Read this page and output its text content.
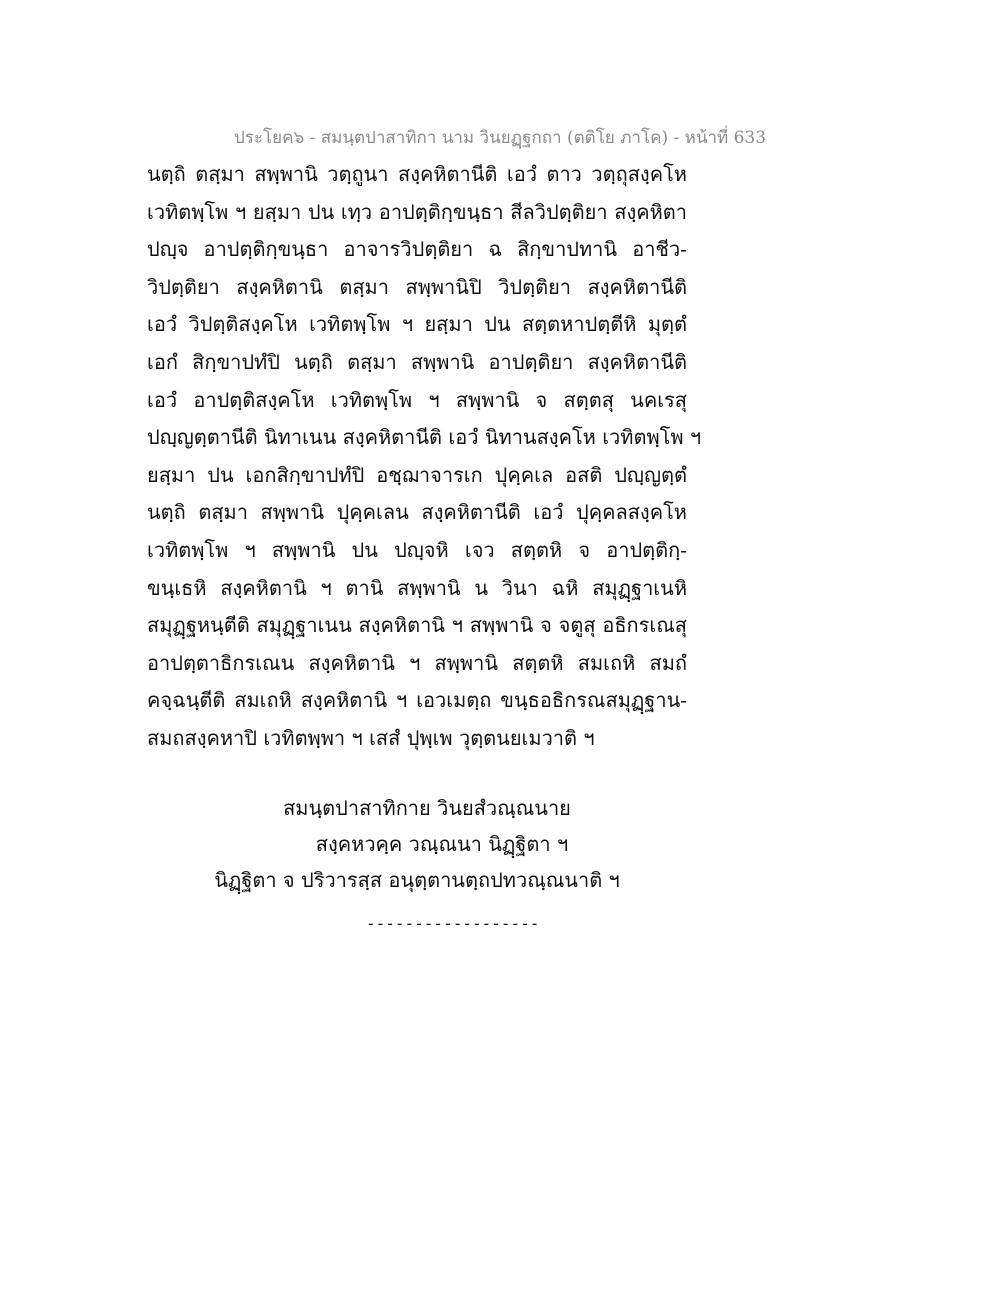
ประโยค๖ - สมนฺตปาสาทิกา นาม วินยฏฺฐกถา (ตติโย ภาโค) - หน้าที่ 633
นตฺถิ ตสฺมา สพฺพานิ วตฺถูนา สงฺคหิตานีติ เอวํ ตาว วตฺถุสงฺคโห
เวทิตพฺโพ ฯ ยสฺมา ปน เทฺว อาปตฺติกฺขนฺธา สีลวิปตฺติยา สงฺคหิตา
ปญฺจ อาปตฺติกฺขนฺธา อาจารวิปตฺติยา ฉ สิกฺขาปทานิ อาชีว-
วิปตฺติยา สงฺคหิตานิ ตสฺมา สพฺพานิปิ วิปตฺติยา สงฺคหิตานีติ
เอวํ วิปตฺติสงฺคโห เวทิตพฺโพ ฯ ยสฺมา ปน สตฺตหาปตฺตีหิ มุตฺตํ
เอกํ สิกฺขาปทํปิ นตฺถิ ตสฺมา สพฺพานิ อาปตฺติยา สงฺคหิตานีติ
เอวํ อาปตฺติสงฺคโห เวทิตพฺโพ ฯ สพฺพานิ จ สตฺตสุ นคเรสุ
ปญฺญตฺตานีติ นิทาเนน สงฺคหิตานีติ เอวํ นิทานสงฺคโห เวทิตพฺโพ ฯ
ยสฺมา ปน เอกสิกฺขาปทํปิ อชฺฌาจารเก ปุคฺคเล อสติ ปญฺญตฺตํ
นตฺถิ ตสฺมา สพฺพานิ ปุคฺคเลน สงฺคหิตานีติ เอวํ ปุคฺคลสงฺคโห
เวทิตพฺโพ ฯ สพฺพานิ ปน ปญฺจหิ เจว สตฺตหิ จ อาปตฺติกฺ-
ขนฺเธหิ สงฺคหิตานิ ฯ ตานิ สพฺพานิ น วินา ฉหิ สมุฏฺฐาเนหิ
สมุฏฺฐหนฺตีติ สมุฏฺฐาเนน สงฺคหิตานิ ฯ สพฺพานิ จ จตูสุ อธิกรเณสุ
อาปตฺตาธิกรเณน สงฺคหิตานิ ฯ สพฺพานิ สตฺตหิ สมเถหิ สมถํ
คจฺฉนฺตีติ สมเถหิ สงฺคหิตานิ ฯ เอวเมตฺถ ขนฺธอธิกรณสมุฏฺฐาน-
สมถสงฺคหาปิ เวทิตพฺพา ฯ เสสํ ปุพฺเพ วุตฺตนยเมวาติ ฯ
สมนฺตปาสาทิกาย วินยสํวณฺณนาย
สงฺคหวคฺค วณฺณนา นิฏฺฐิตา ฯ
นิฏฺฐิตา จ ปริวารสฺส อนุตฺตานตฺถปทวณฺณนาติ ฯ
------------------
